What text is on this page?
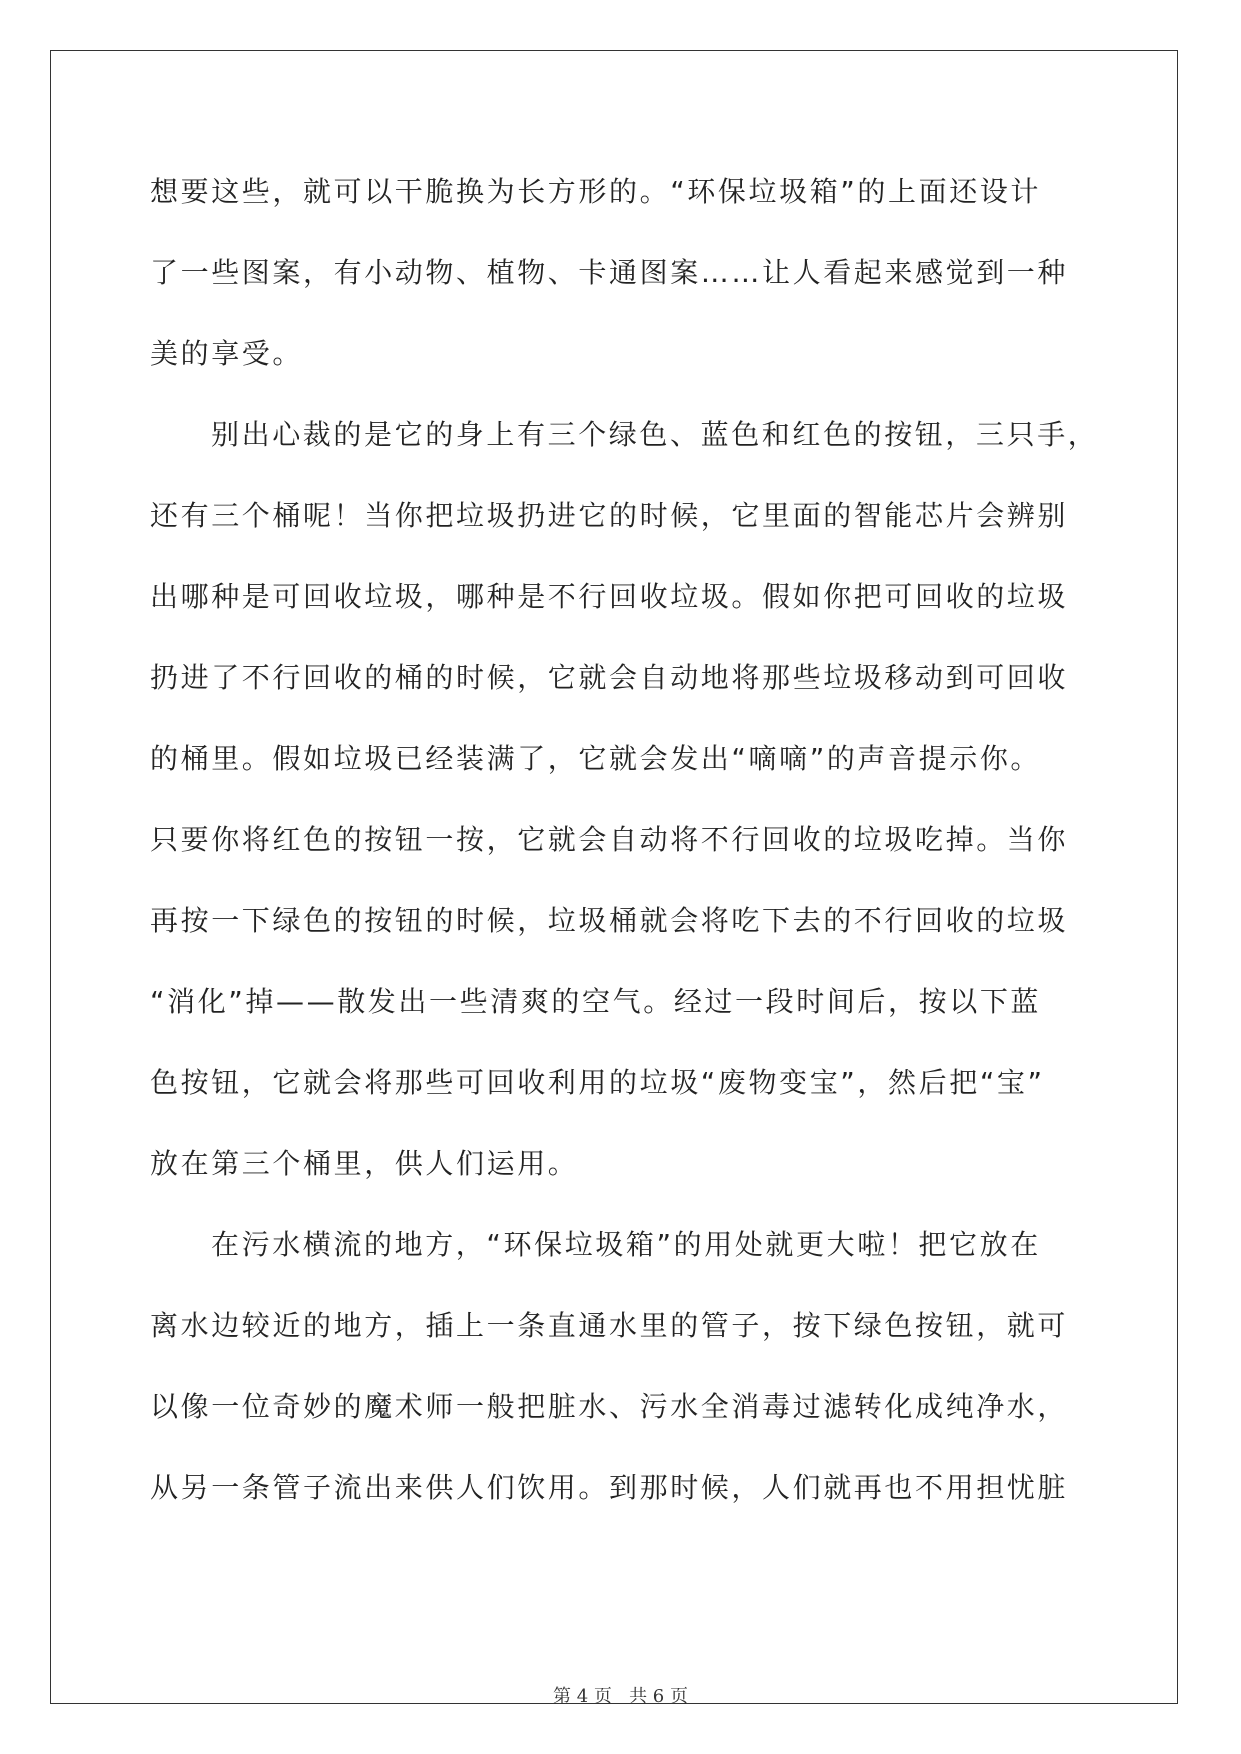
想要这些，就可以干脆换为长方形的。“环保垃圾箱”的上面还设计
了一些图案，有小动物、植物、卡通图案……让人看起来感觉到一种
美的享受。
别出心裁的是它的身上有三个绿色、蓝色和红色的按钮，三只手，
还有三个桶呢！当你把垃圾扔进它的时候，它里面的智能芯片会辨别
出哪种是可回收垃圾，哪种是不行回收垃圾。假如你把可回收的垃圾
扔进了不行回收的桶的时候，它就会自动地将那些垃圾移动到可回收
的桶里。假如垃圾已经装满了，它就会发出“嘀嘀”的声音提示你。
只要你将红色的按钮一按，它就会自动将不行回收的垃圾吃掉。当你
再按一下绿色的按钮的时候，垃圾桶就会将吃下去的不行回收的垃圾
“消化”掉——散发出一些清爽的空气。经过一段时间后，按以下蓝
色按钮，它就会将那些可回收利用的垃圾“废物变宝”，然后把“宝”
放在第三个桶里，供人们运用。
在污水横流的地方，“环保垃圾箱”的用处就更大啦！把它放在
离水边较近的地方，插上一条直通水里的管子，按下绿色按钮，就可
以像一位奇妙的魔术师一般把脏水、污水全消毒过滤转化成纯净水，
从另一条管子流出来供人们饮用。到那时候，人们就再也不用担忧脏
第 4 页 共 6 页
